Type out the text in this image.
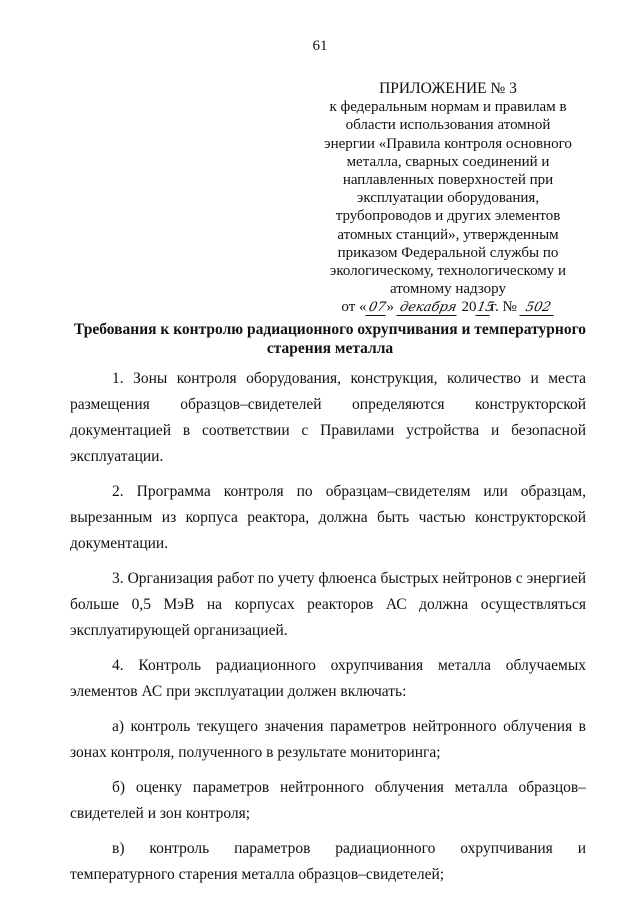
61
ПРИЛОЖЕНИЕ № 3
к федеральным нормам и правилам в
области использования атомной
энергии «Правила контроля основного
металла, сварных соединений и
наплавленных поверхностей при
эксплуатации оборудования,
трубопроводов и других элементов
атомных станций», утвержденным
приказом Федеральной службы по
экологическому, технологическому и
атомному надзору
от «07» декабря 2015г. № 502
Требования к контролю радиационного охрупчивания и температурного
старения металла

1. Зоны контроля оборудования, конструкция, количество и места размещения образцов–свидетелей определяются конструкторской документацией в соответствии с Правилами устройства и безопасной эксплуатации.

2. Программа контроля по образцам–свидетелям или образцам, вырезанным из корпуса реактора, должна быть частью конструкторской документации.

3. Организация работ по учету флюенса быстрых нейтронов с энергией больше 0,5 МэВ на корпусах реакторов АС должна осуществляться эксплуатирующей организацией.

4. Контроль радиационного охрупчивания металла облучаемых элементов АС при эксплуатации должен включать:

а) контроль текущего значения параметров нейтронного облучения в зонах контроля, полученного в результате мониторинга;

б) оценку параметров нейтронного облучения металла образцов–свидетелей и зон контроля;

в) контроль параметров радиационного охрупчивания и температурного старения металла образцов–свидетелей;
